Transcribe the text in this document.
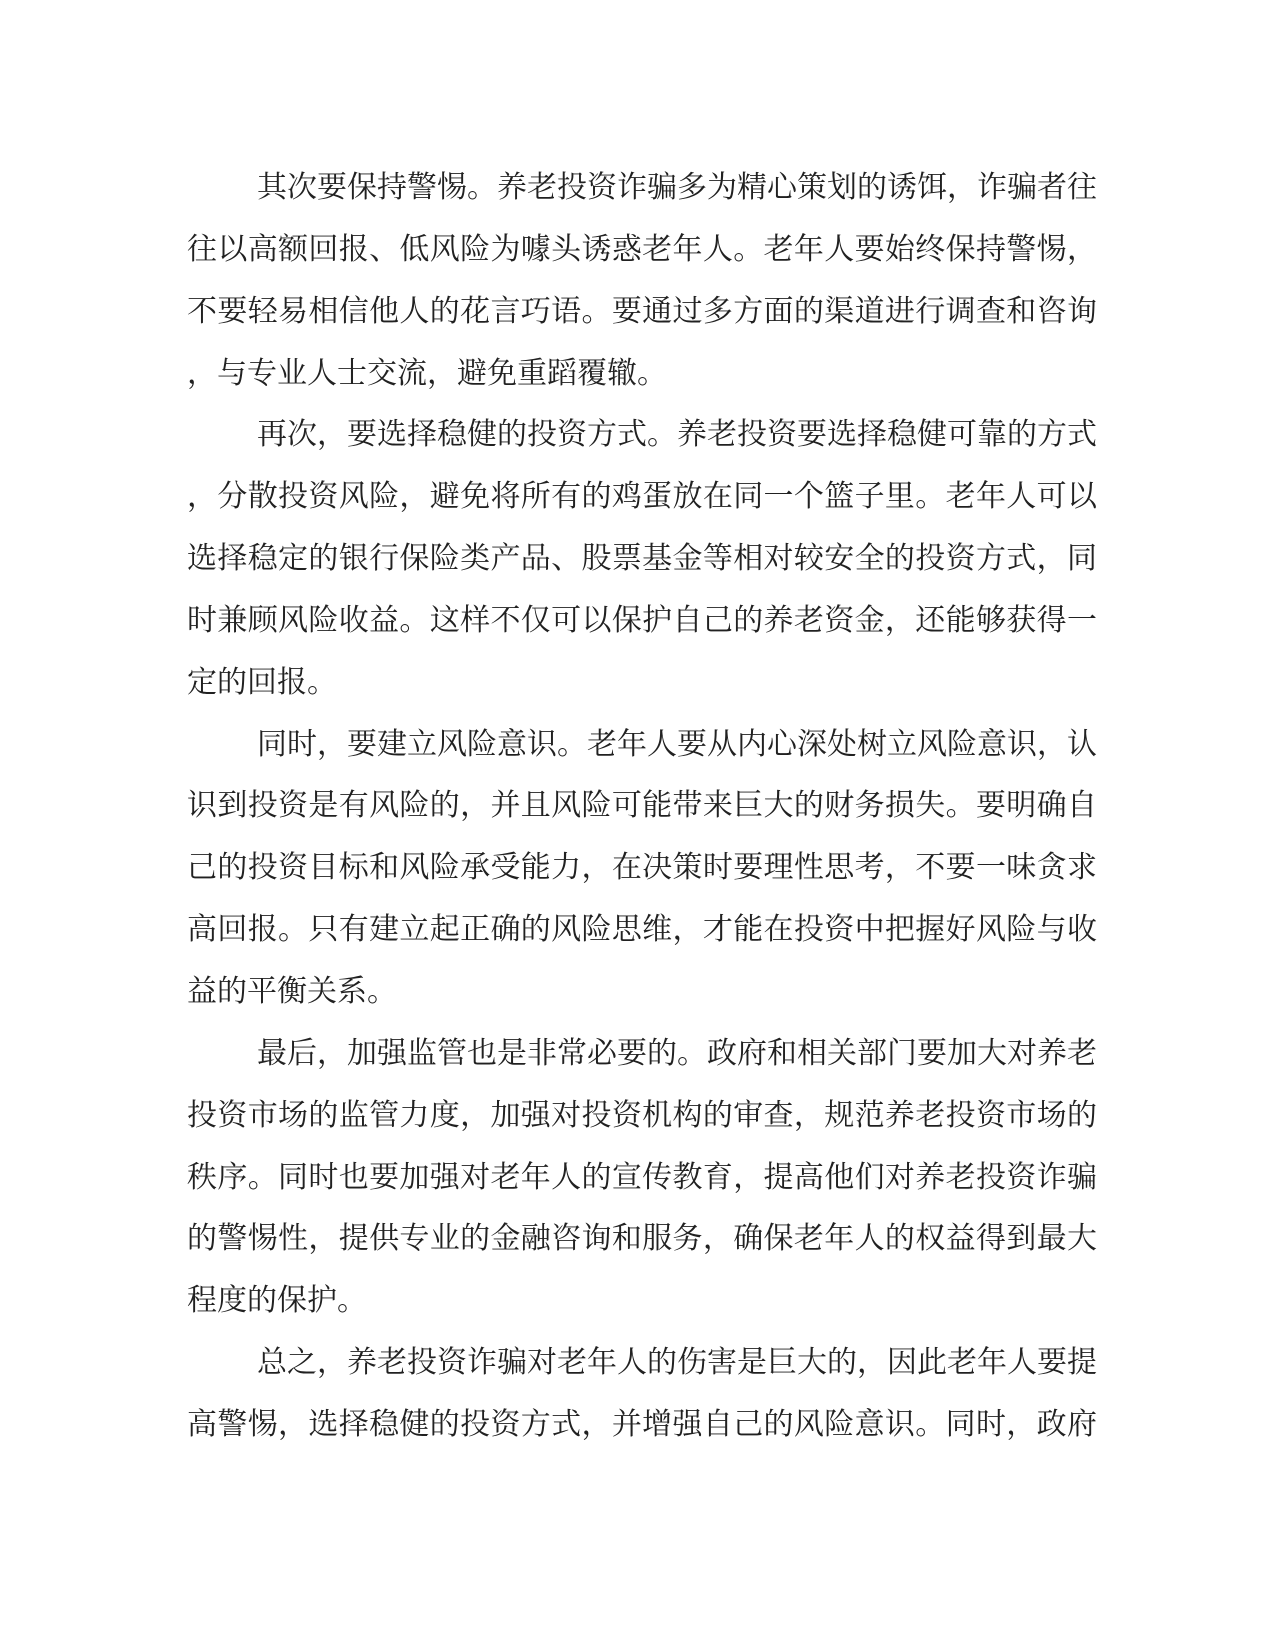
其次要保持警惕。养老投资诈骗多为精心策划的诱饵，诈骗者往
往以高额回报、低风险为噱头诱惑老年人。老年人要始终保持警惕，
不要轻易相信他人的花言巧语。要通过多方面的渠道进行调查和咨询
，与专业人士交流，避免重蹈覆辙。
再次，要选择稳健的投资方式。养老投资要选择稳健可靠的方式
，分散投资风险，避免将所有的鸡蛋放在同一个篮子里。老年人可以
选择稳定的银行保险类产品、股票基金等相对较安全的投资方式，同
时兼顾风险收益。这样不仅可以保护自己的养老资金，还能够获得一
定的回报。
同时，要建立风险意识。老年人要从内心深处树立风险意识，认
识到投资是有风险的，并且风险可能带来巨大的财务损失。要明确自
己的投资目标和风险承受能力，在决策时要理性思考，不要一味贪求
高回报。只有建立起正确的风险思维，才能在投资中把握好风险与收
益的平衡关系。
最后，加强监管也是非常必要的。政府和相关部门要加大对养老
投资市场的监管力度，加强对投资机构的审查，规范养老投资市场的
秩序。同时也要加强对老年人的宣传教育，提高他们对养老投资诈骗
的警惕性，提供专业的金融咨询和服务，确保老年人的权益得到最大
程度的保护。
总之，养老投资诈骗对老年人的伤害是巨大的，因此老年人要提
高警惕，选择稳健的投资方式，并增强自己的风险意识。同时，政府
